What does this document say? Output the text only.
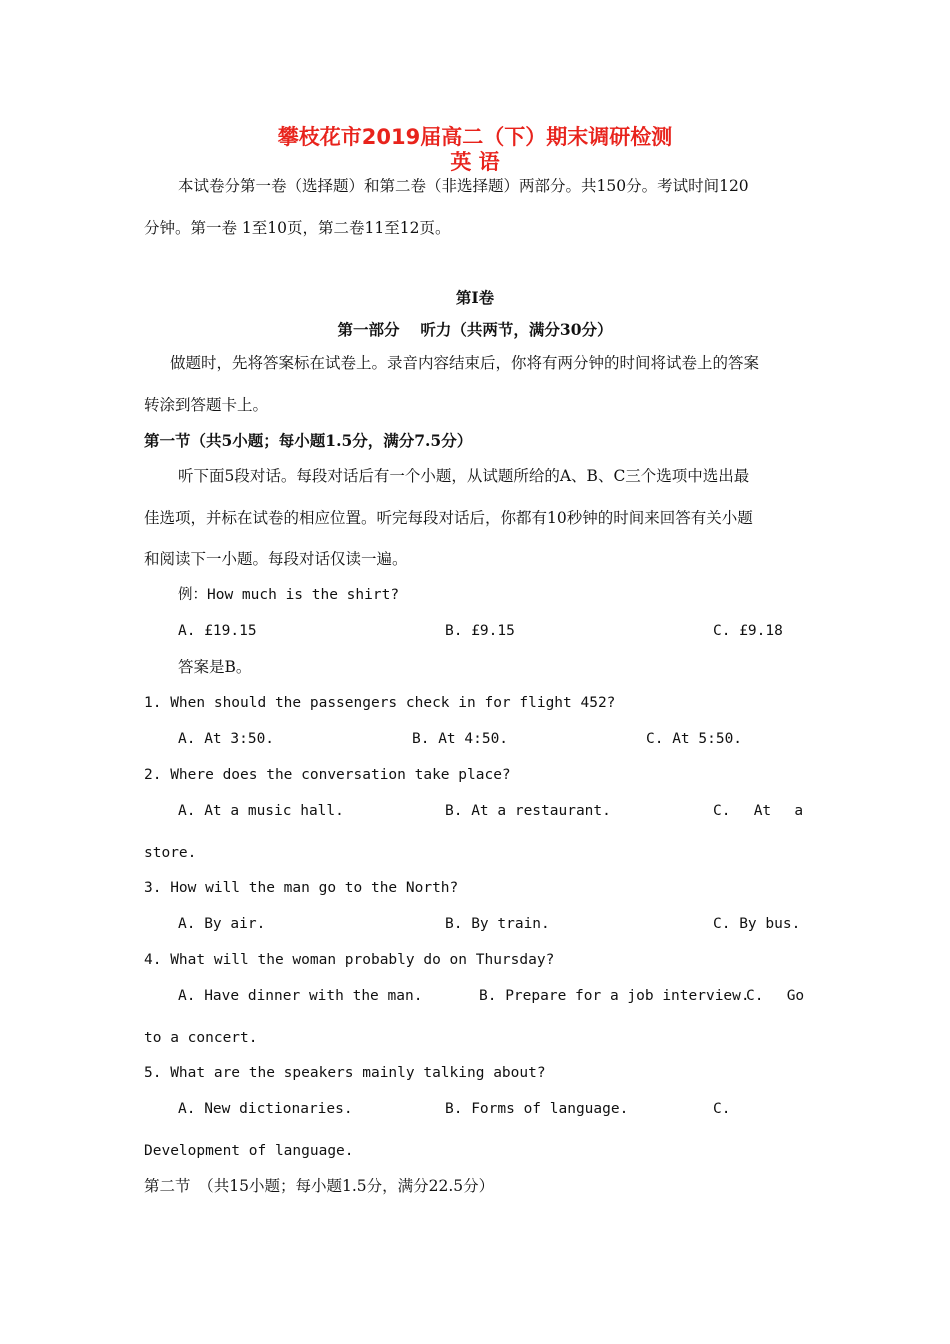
攀枝花市2019届高二（下）期末调研检测
英 语
本试卷分第一卷（选择题）和第二卷（非选择题）两部分。共150分。考试时间120
分钟。第一卷 1至10页，第二卷11至12页。
第Ⅰ卷
第一部分　 听力（共两节，满分30分）
做题时，先将答案标在试卷上。录音内容结束后，你将有两分钟的时间将试卷上的答案
转涂到答题卡上。
第一节（共5小题；每小题1.5分，满分7.5分）
听下面5段对话。每段对话后有一个小题，从试题所给的A、B、C三个选项中选出最
佳选项，并标在试卷的相应位置。听完每段对话后，你都有10秒钟的时间来回答有关小题
和阅读下一小题。每段对话仅读一遍。
例：How much is the shirt?
A. £19.15	B. £9.15	C. £9.18
答案是B。
1. When should the passengers check in for flight 452?
A. At 3:50.	B. At 4:50.	C. At 5:50.
2. Where does the conversation take place?
A. At a music hall.	B. At a restaurant.	C.　 At　 a
store.
3. How will the man go to the North?
A. By air.	B. By train.	C. By bus.
4. What will the woman probably do on Thursday?
A. Have dinner with the man.	B. Prepare for a job interview.
C.　 Go
to a concert.
5. What are the speakers mainly talking about?
A. New dictionaries.	B. Forms of language.	C.
Development of language.
第二节　（共15小题；每小题1.5分，满分22.5分）
